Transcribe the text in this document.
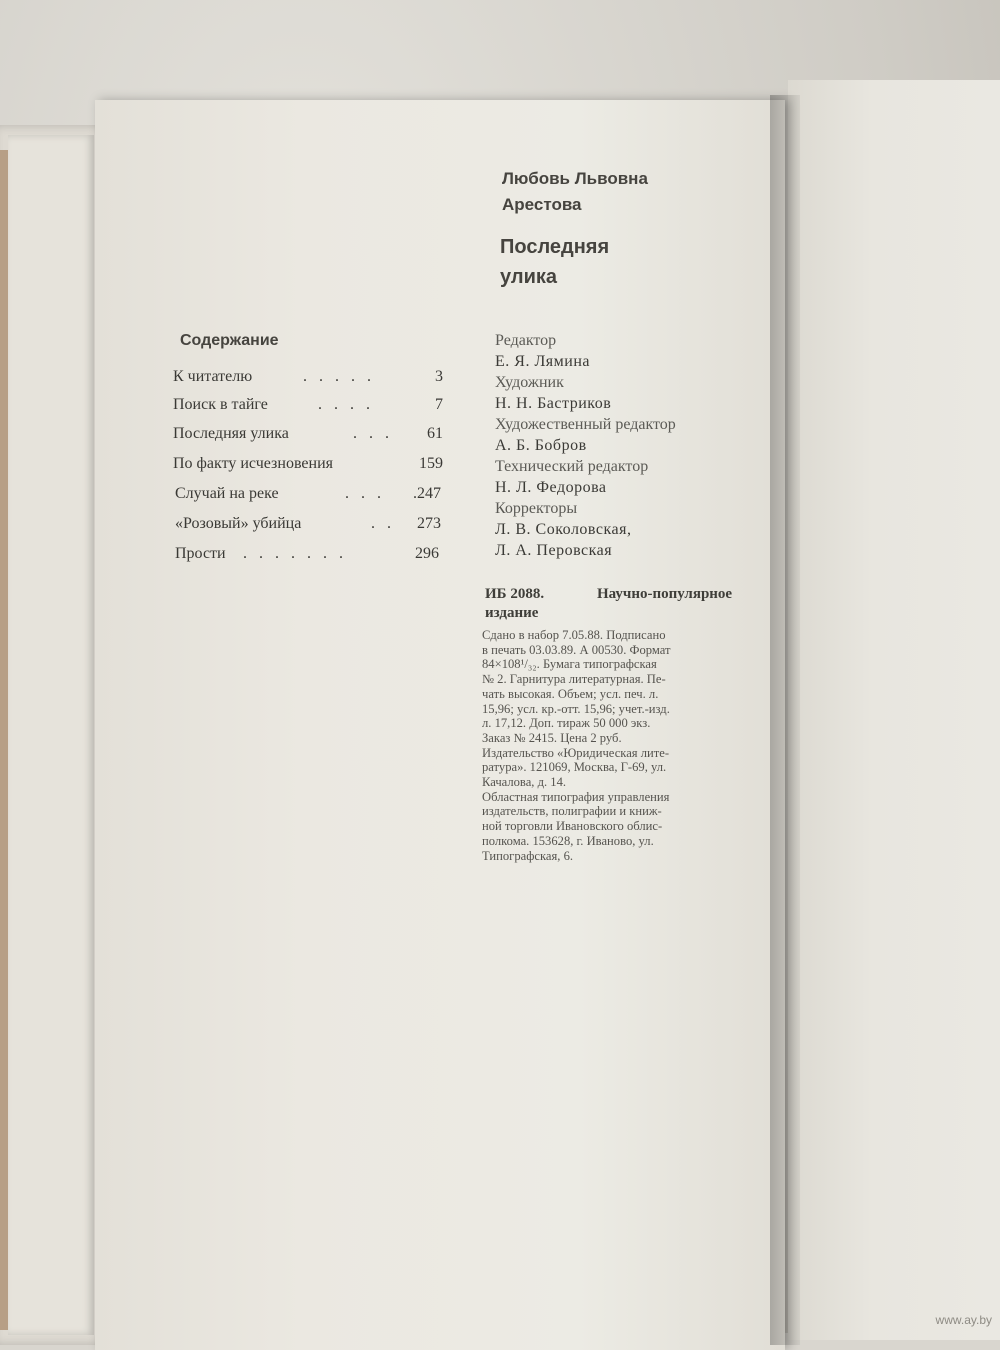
Любовь Львовна
Арестова
Последняя
улика
Содержание
К читателю	. . . . .	3
Поиск в тайге	. . . .	7
Последняя улика	. . . 61
По факту исчезновения	159
Случай на реке	. . . .247
«Розовый» убийца	. . 273
Прости . . . . . . .	296
Редактор
Е. Я. Лямина
Художник
Н. Н. Бастриков
Художественный редактор
А. Б. Бобров
Технический редактор
Н. Л. Федорова
Корректоры
Л. В. Соколовская,
Л. А. Перовская
ИБ 2088.	Научно-популярное
издание

Сдано в набор 7.05.88. Подписано

в печать 03.03.89. А 00530. Формат

84×108¹/₃₂. Бумага типографская

№ 2. Гарнитура литературная. Пе-

чать высокая. Объем; усл. печ. л.

15,96; усл. кр.-отт. 15,96; учет.-изд.

л. 17,12. Доп. тираж 50 000 экз.

Заказ № 2415. Цена 2 руб.

Издательство «Юридическая лите-

ратура». 121069, Москва, Г-69, ул.

Качалова, д. 14.

Областная типография управления

издательств, полиграфии и книж-

ной торговли Ивановского облис-

полкома. 153628, г. Иваново, ул.

Типографская, 6.

www.ay.by
